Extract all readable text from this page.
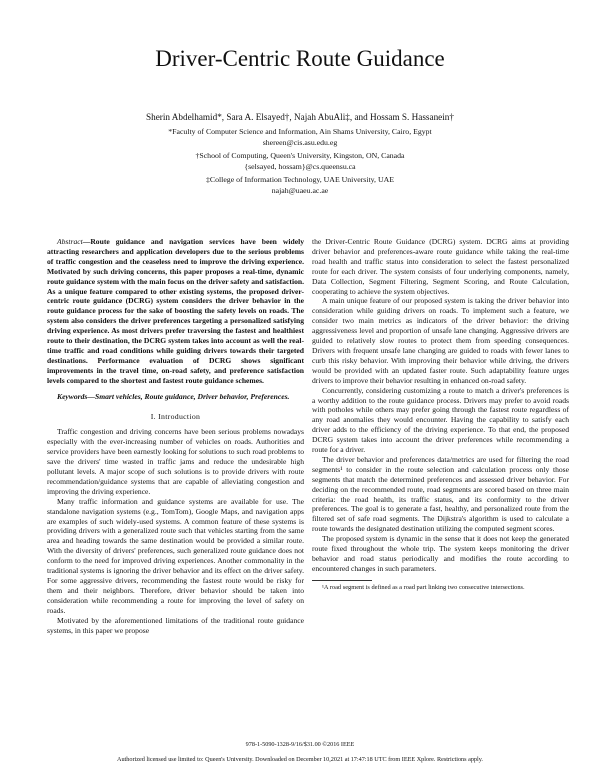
Driver-Centric Route Guidance
Sherin Abdelhamid*, Sara A. Elsayed†, Najah AbuAli‡, and Hossam S. Hassanein†
*Faculty of Computer Science and Information, Ain Shams University, Cairo, Egypt
shereen@cis.asu.edu.eg
†School of Computing, Queen's University, Kingston, ON, Canada
{selsayed, hossam}@cs.queensu.ca
‡College of Information Technology, UAE University, UAE
najah@uaeu.ac.ae

Abstract—Route guidance and navigation services have been widely attracting researchers and application developers due to the serious problems of traffic congestion and the ceaseless need to improve the driving experience. Motivated by such driving concerns, this paper proposes a real-time, dynamic route guidance system with the main focus on the driver safety and satisfaction. As a unique feature compared to other existing systems, the proposed driver-centric route guidance (DCRG) system considers the driver behavior in the route guidance process for the sake of boosting the safety levels on roads. The system also considers the driver preferences targeting a personalized satisfying driving experience. As most drivers prefer traversing the fastest and healthiest route to their destination, the DCRG system takes into account as well the real-time traffic and road conditions while guiding drivers towards their targeted destinations. Performance evaluation of DCRG shows significant improvements in the travel time, on-road safety, and preference satisfaction levels compared to the shortest and fastest route guidance schemes.

Keywords—Smart vehicles, Route guidance, Driver behavior, Preferences.

I. Introduction

Traffic congestion and driving concerns have been serious problems nowadays especially with the ever-increasing number of vehicles on roads. Authorities and service providers have been earnestly looking for solutions to such road problems to save the drivers' time wasted in traffic jams and reduce the undesirable high pollutant levels. A major scope of such solutions is to provide drivers with route recommendation/guidance systems that are capable of alleviating congestion and improving the driving experience.

Many traffic information and guidance systems are available for use. The standalone navigation systems (e.g., TomTom), Google Maps, and navigation apps are examples of such widely-used systems. A common feature of these systems is providing drivers with a generalized route such that vehicles starting from the same area and heading towards the same destination would be provided a similar route. With the diversity of drivers' preferences, such generalized route guidance does not conform to the need for improved driving experiences. Another commonality in the traditional systems is ignoring the driver behavior and its effect on the driver safety. For some aggressive drivers, recommending the fastest route would be risky for them and their neighbors. Therefore, driver behavior should be taken into consideration while recommending a route for improving the level of safety on roads.

Motivated by the aforementioned limitations of the traditional route guidance systems, in this paper we propose

the Driver-Centric Route Guidance (DCRG) system. DCRG aims at providing driver behavior and preferences-aware route guidance while taking the real-time road health and traffic status into consideration to select the fastest personalized route for each driver. The system consists of four underlying components, namely, Data Collection, Segment Filtering, Segment Scoring, and Route Calculation, cooperating to achieve the system objectives.

A main unique feature of our proposed system is taking the driver behavior into consideration while guiding drivers on roads. To implement such a feature, we consider two main metrics as indicators of the driver behavior: the driving aggressiveness level and proportion of unsafe lane changing. Aggressive drivers are guided to relatively slow routes to protect them from speeding consequences. Drivers with frequent unsafe lane changing are guided to roads with fewer lanes to curb this risky behavior. With improving their behavior while driving, the drivers would be provided with an updated faster route. Such adaptability feature urges drivers to improve their behavior resulting in enhanced on-road safety.

Concurrently, considering customizing a route to match a driver's preferences is a worthy addition to the route guidance process. Drivers may prefer to avoid roads with potholes while others may prefer going through the fastest route regardless of any road anomalies they would encounter. Having the capability to satisfy each driver adds to the efficiency of the driving experience. To that end, the proposed DCRG system takes into account the driver preferences while recommending a route for a driver.

The driver behavior and preferences data/metrics are used for filtering the road segments¹ to consider in the route selection and calculation process only those segments that match the determined preferences and assessed driver behavior. For deciding on the recommended route, road segments are scored based on three main criteria: the road health, its traffic status, and its conformity to the driver preferences. The goal is to generate a fast, healthy, and personalized route from the filtered set of safe road segments. The Dijkstra's algorithm is used to calculate a route towards the designated destination utilizing the computed segment scores.

The proposed system is dynamic in the sense that it does not keep the generated route fixed throughout the whole trip. The system keeps monitoring the driver behavior and road status periodically and modifies the route according to encountered changes in such parameters.

¹A road segment is defined as a road part linking two consecutive intersections.

978-1-5090-1328-9/16/$31.00 ©2016 IEEE
Authorized licensed use limited to: Queen's University. Downloaded on December 10,2021 at 17:47:18 UTC from IEEE Xplore. Restrictions apply.
